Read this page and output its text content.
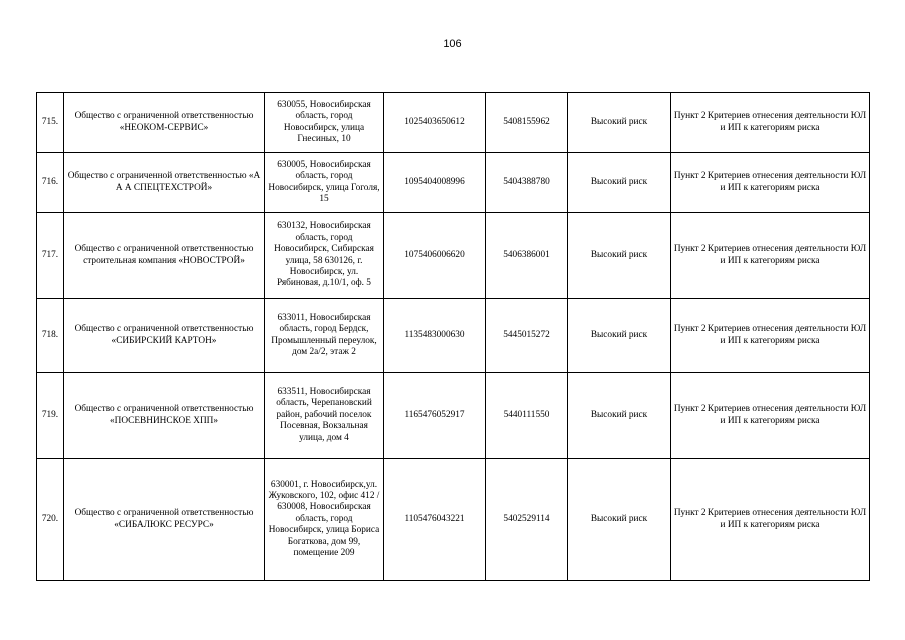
106
715.	Общество с ограниченной ответственностью «НЕОКОМ-СЕРВИС»	630055, Новосибирская область, город Новосибирск, улица Гнесиных, 10	1025403650612	5408155962	Высокий риск	Пункт 2 Критериев отнесения деятельности ЮЛ и ИП к категориям риска
716.	Общество с ограниченной ответственностью «А А А СПЕЦТЕХСТРОЙ»	630005, Новосибирская область, город Новосибирск, улица Гоголя, 15	1095404008996	5404388780	Высокий риск	Пункт 2 Критериев отнесения деятельности ЮЛ и ИП к категориям риска
717.	Общество с ограниченной ответственностью строительная компания «НОВОСТРОЙ»	630132, Новосибирская область, город Новосибирск, Сибирская улица, 58 630126, г. Новосибирск, ул. Рябиновая, д.10/1, оф. 5	1075406006620	5406386001	Высокий риск	Пункт 2 Критериев отнесения деятельности ЮЛ и ИП к категориям риска
718.	Общество с ограниченной ответственностью «СИБИРСКИЙ КАРТОН»	633011, Новосибирская область, город Бердск, Промышленный переулок, дом 2а/2, этаж 2	1135483000630	5445015272	Высокий риск	Пункт 2 Критериев отнесения деятельности ЮЛ и ИП к категориям риска
719.	Общество с ограниченной ответственностью «ПОСЕВНИНСКОЕ ХПП»	633511, Новосибирская область, Черепановский район, рабочий поселок Посевная, Вокзальная улица, дом 4	1165476052917	5440111550	Высокий риск	Пункт 2 Критериев отнесения деятельности ЮЛ и ИП к категориям риска
720.	Общество с ограниченной ответственностью «СИБАЛЮКС РЕСУРС»	630001, г. Новосибирск,ул. Жуковского, 102, офис 412 / 630008, Новосибирская область, город Новосибирск, улица Бориса Богаткова, дом 99, помещение 209	1105476043221	5402529114	Высокий риск	Пункт 2 Критериев отнесения деятельности ЮЛ и ИП к категориям риска
